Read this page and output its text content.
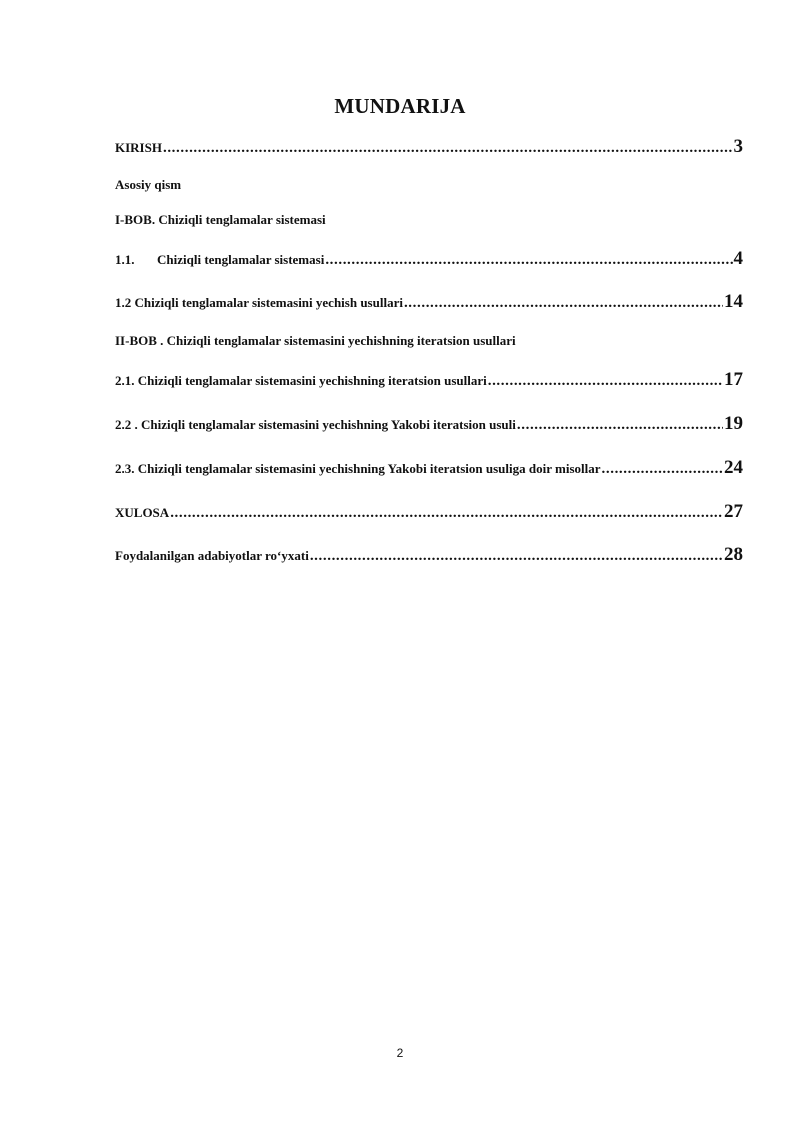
MUNDARIJA
KIRISH .....	3
Asosiy qism
I-BOB. Chiziqli tenglamalar sistemasi
1.1. Chiziqli tenglamalar sistemasi .....	4
1.2 Chiziqli tenglamalar sistemasini yechish usullari .....	14
II-BOB . Chiziqli tenglamalar sistemasini yechishning iteratsion usullari
2.1. Chiziqli tenglamalar sistemasini yechishning iteratsion usullari .....	17
2.2 . Chiziqli tenglamalar sistemasini yechishning Yakobi iteratsion usuli .....	19
2.3. Chiziqli tenglamalar sistemasini yechishning Yakobi iteratsion usuliga doir misollar .....	24
XULOSA .....	27
Foydalanilgan adabiyotlar ro‘yxati .....	28
2
